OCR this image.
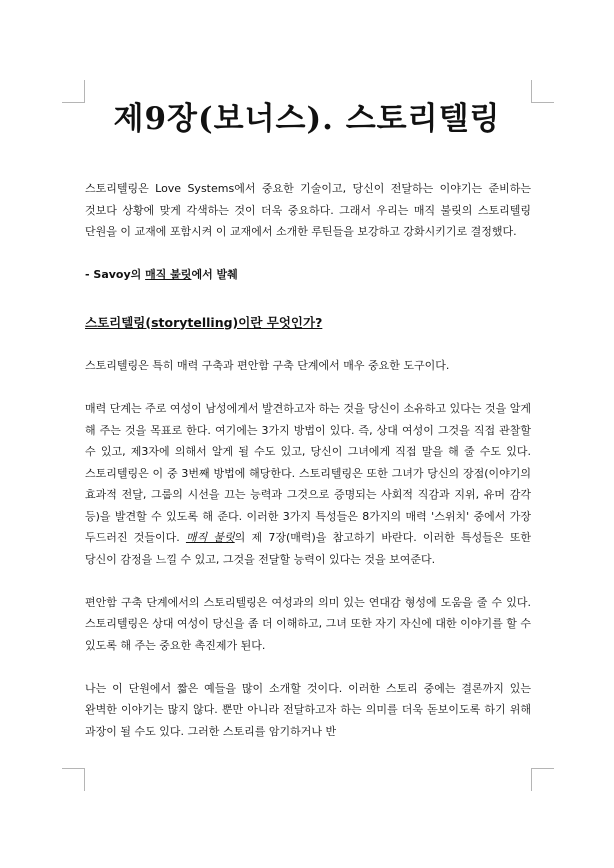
제9장(보너스). 스토리텔링

스토리텔링은 Love Systems에서 중요한 기술이고, 당신이 전달하는 이야기는 준비하는 것보다 상황에 맞게 각색하는 것이 더욱 중요하다. 그래서 우리는 매직 불릿의 스토리텔링 단원을 이 교재에 포함시켜 이 교재에서 소개한 루틴들을 보강하고 강화시키기로 결정했다.

- Savoy의 매직 불릿에서 발췌

스토리텔링(storytelling)이란 무엇인가?

스토리텔링은 특히 매력 구축과 편안함 구축 단계에서 매우 중요한 도구이다.

매력 단계는 주로 여성이 남성에게서 발견하고자 하는 것을 당신이 소유하고 있다는 것을 알게 해 주는 것을 목표로 한다. 여기에는 3가지 방법이 있다. 즉, 상대 여성이 그것을 직접 관찰할 수 있고, 제3자에 의해서 알게 될 수도 있고, 당신이 그녀에게 직접 말을 해 줄 수도 있다. 스토리텔링은 이 중 3번째 방법에 해당한다. 스토리텔링은 또한 그녀가 당신의 장점(이야기의 효과적 전달, 그룹의 시선을 끄는 능력과 그것으로 증명되는 사회적 직감과 지위, 유머 감각 등)을 발견할 수 있도록 해 준다. 이러한 3가지 특성들은 8가지의 매력 '스위치' 중에서 가장 두드러진 것들이다. 매직 불릿의 제 7장(매력)을 참고하기 바란다. 이러한 특성들은 또한 당신이 감정을 느낄 수 있고, 그것을 전달할 능력이 있다는 것을 보여준다.

편안함 구축 단계에서의 스토리텔링은 여성과의 의미 있는 연대감 형성에 도움을 줄 수 있다. 스토리텔링은 상대 여성이 당신을 좀 더 이해하고, 그녀 또한 자기 자신에 대한 이야기를 할 수 있도록 해 주는 중요한 촉진제가 된다.

나는 이 단원에서 짧은 예들을 많이 소개할 것이다. 이러한 스토리 중에는 결론까지 있는 완벽한 이야기는 많지 않다. 뿐만 아니라 전달하고자 하는 의미를 더욱 돋보이도록 하기 위해 과장이 될 수도 있다. 그러한 스토리를 암기하거나 반
